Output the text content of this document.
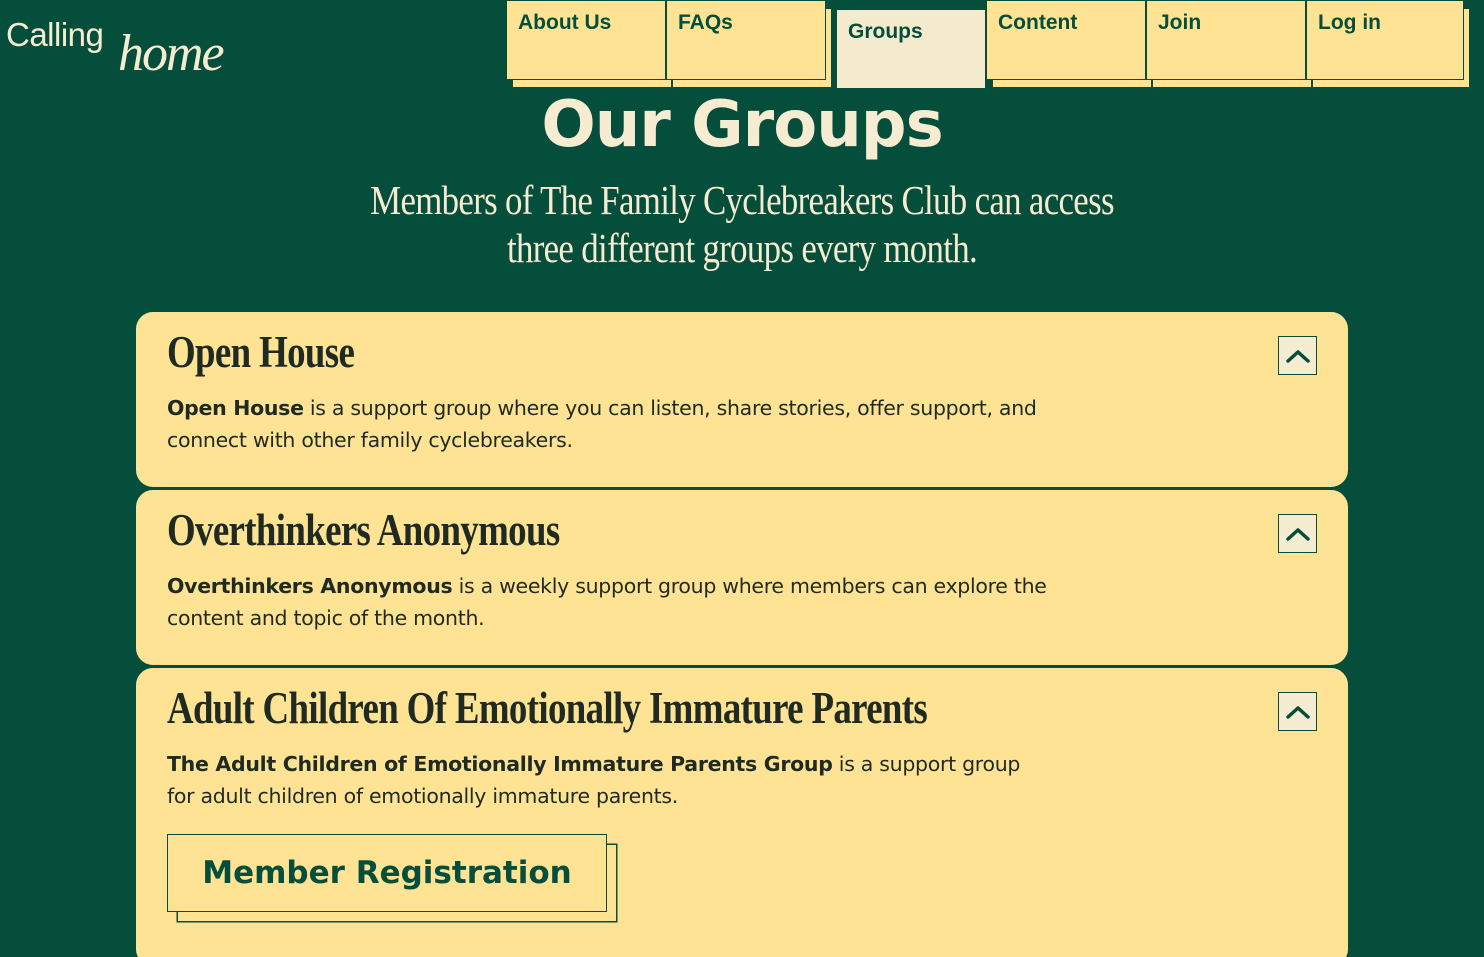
Calling home
About Us	FAQs	Groups	Content	Join	Log in
Our Groups

Members of The Family Cyclebreakers Club can access three different groups every month.

Open House

Open House is a support group where you can listen, share stories, offer support, and connect with other family cyclebreakers.

Overthinkers Anonymous

Overthinkers Anonymous is a weekly support group where members can explore the content and topic of the month.

Adult Children Of Emotionally Immature Parents

The Adult Children of Emotionally Immature Parents Group is a support group for adult children of emotionally immature parents.

Member Registration
